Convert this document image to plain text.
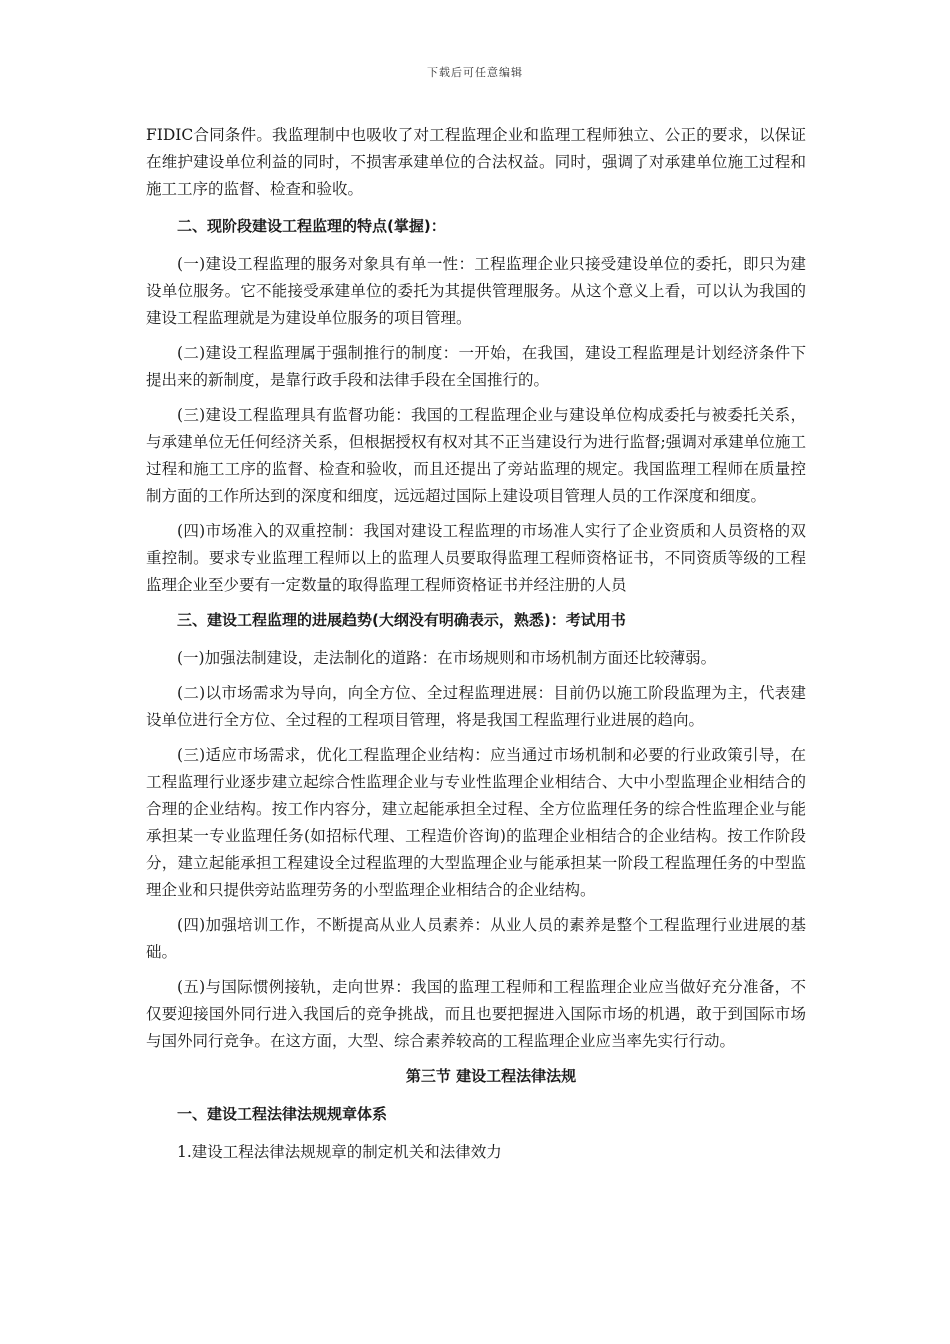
下载后可任意编辑

FIDIC合同条件。我监理制中也吸收了对工程监理企业和监理工程师独立、公正的要求，以保证在维护建设单位利益的同时，不损害承建单位的合法权益。同时，强调了对承建单位施工过程和施工工序的监督、检查和验收。

二、现阶段建设工程监理的特点(掌握)：

(一)建设工程监理的服务对象具有单一性：工程监理企业只接受建设单位的委托，即只为建设单位服务。它不能接受承建单位的委托为其提供管理服务。从这个意义上看，可以认为我国的建设工程监理就是为建设单位服务的项目管理。

(二)建设工程监理属于强制推行的制度：一开始，在我国，建设工程监理是计划经济条件下提出来的新制度，是靠行政手段和法律手段在全国推行的。

(三)建设工程监理具有监督功能：我国的工程监理企业与建设单位构成委托与被委托关系，与承建单位无任何经济关系，但根据授权有权对其不正当建设行为进行监督;强调对承建单位施工过程和施工工序的监督、检查和验收，而且还提出了旁站监理的规定。我国监理工程师在质量控制方面的工作所达到的深度和细度，远远超过国际上建设项目管理人员的工作深度和细度。

(四)市场准入的双重控制：我国对建设工程监理的市场准人实行了企业资质和人员资格的双重控制。要求专业监理工程师以上的监理人员要取得监理工程师资格证书，不同资质等级的工程监理企业至少要有一定数量的取得监理工程师资格证书并经注册的人员

三、建设工程监理的进展趋势(大纲没有明确表示，熟悉)：考试用书

(一)加强法制建设，走法制化的道路：在市场规则和市场机制方面还比较薄弱。

(二)以市场需求为导向，向全方位、全过程监理进展：目前仍以施工阶段监理为主，代表建设单位进行全方位、全过程的工程项目管理，将是我国工程监理行业进展的趋向。

(三)适应市场需求，优化工程监理企业结构：应当通过市场机制和必要的行业政策引导，在工程监理行业逐步建立起综合性监理企业与专业性监理企业相结合、大中小型监理企业相结合的合理的企业结构。按工作内容分，建立起能承担全过程、全方位监理任务的综合性监理企业与能承担某一专业监理任务(如招标代理、工程造价咨询)的监理企业相结合的企业结构。按工作阶段分，建立起能承担工程建设全过程监理的大型监理企业与能承担某一阶段工程监理任务的中型监理企业和只提供旁站监理劳务的小型监理企业相结合的企业结构。

(四)加强培训工作，不断提高从业人员素养：从业人员的素养是整个工程监理行业进展的基础。

(五)与国际惯例接轨，走向世界：我国的监理工程师和工程监理企业应当做好充分准备，不仅要迎接国外同行进入我国后的竞争挑战，而且也要把握进入国际市场的机遇，敢于到国际市场与国外同行竞争。在这方面，大型、综合素养较高的工程监理企业应当率先实行行动。

第三节 建设工程法律法规
一、建设工程法律法规规章体系

1.建设工程法律法规规章的制定机关和法律效力
